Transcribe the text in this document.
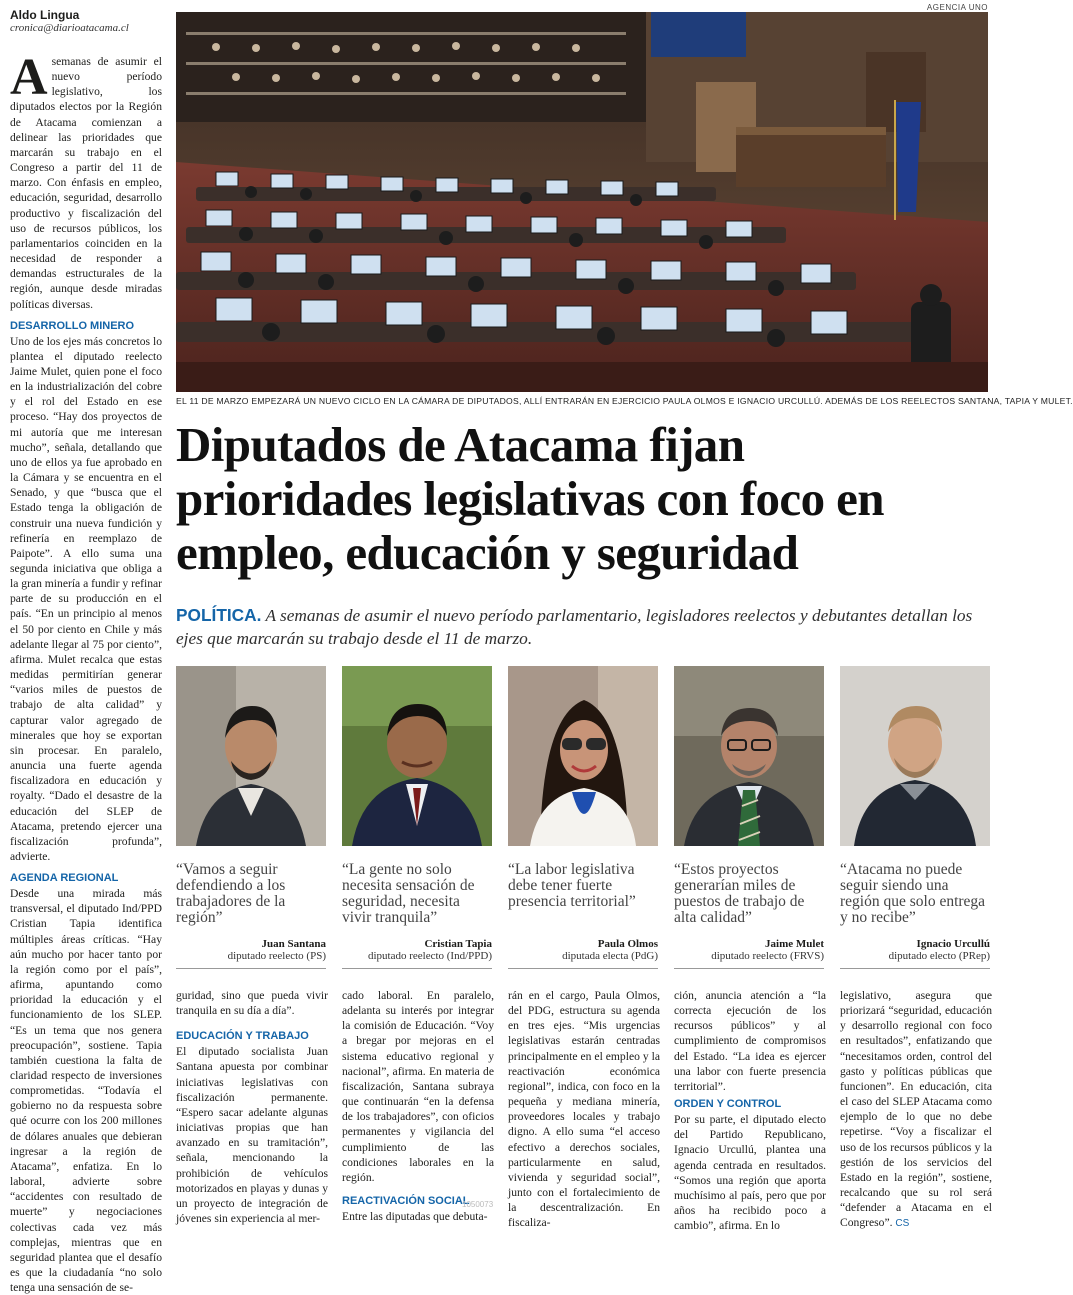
Aldo Lingua
cronica@diarioatacama.cl
Asemanas de asumir el nuevo período legislativo, los diputados electos por la Región de Atacama comienzan a delinear las prioridades que marcarán su trabajo en el Congreso a partir del 11 de marzo. Con énfasis en empleo, educación, seguridad, desarrollo productivo y fiscalización del uso de recursos públicos, los parlamentarios coinciden en la necesidad de responder a demandas estructurales de la región, aunque desde miradas políticas diversas.
DESARROLLO MINERO
Uno de los ejes más concretos lo plantea el diputado reelecto Jaime Mulet, quien pone el foco en la industrialización del cobre y el rol del Estado en ese proceso. “Hay dos proyectos de mi autoría que me interesan mucho”, señala, detallando que uno de ellos ya fue aprobado en la Cámara y se encuentra en el Senado, y que “busca que el Estado tenga la obligación de construir una nueva fundición y refinería en reemplazo de Paipote”. A ello suma una segunda iniciativa que obliga a la gran minería a fundir y refinar parte de su producción en el país. “En un principio al menos el 50 por ciento en Chile y más adelante llegar al 75 por ciento”, afirma. Mulet recalca que estas medidas permitirían generar “varios miles de puestos de trabajo de alta calidad” y capturar valor agregado de minerales que hoy se exportan sin procesar. En paralelo, anuncia una fuerte agenda fiscalizadora en educación y royalty. “Dado el desastre de la educación del SLEP de Atacama, pretendo ejercer una fiscalización profunda”, advierte.
AGENDA REGIONAL
Desde una mirada más transversal, el diputado Ind/PPD Cristian Tapia identifica múltiples áreas críticas. “Hay aún mucho por hacer tanto por la región como por el país”, afirma, apuntando como prioridad la educación y el funcionamiento de los SLEP. “Es un tema que nos genera preocupación”, sostiene. Tapia también cuestiona la falta de claridad respecto de inversiones comprometidas. “Todavía el gobierno no da respuesta sobre qué ocurre con los 200 millones de dólares anuales que debieran ingresar a la región de Atacama”, enfatiza. En lo laboral, advierte sobre “accidentes con resultado de muerte” y negociaciones colectivas cada vez más complejas, mientras que en seguridad plantea que el desafío es que la ciudadanía “no solo tenga una sensación de se-
AGENCIA UNO
EL 11 DE MARZO EMPEZARÁ UN NUEVO CICLO EN LA CÁMARA DE DIPUTADOS, ALLÍ ENTRARÁN EN EJERCICIO PAULA OLMOS E IGNACIO URCULLÚ. ADEMÁS DE LOS REELECTOS SANTANA, TAPIA Y MULET.
Diputados de Atacama fijan prioridades legislativas con foco en empleo, educación y seguridad
POLÍTICA. A semanas de asumir el nuevo período parlamentario, legisladores reelectos y debutantes detallan los ejes que marcarán su trabajo desde el 11 de marzo.
“Vamos a seguir defendiendo a los trabajadores de la región”
Juan Santana
diputado reelecto (PS)
“La gente no solo necesita sensación de seguridad, necesita vivir tranquila”
Cristian Tapia
diputado reelecto (Ind/PPD)
“La labor legislativa debe tener fuerte presencia territorial”
Paula Olmos
diputada electa (PdG)
“Estos proyectos generarían miles de puestos de trabajo de alta calidad”
Jaime Mulet
diputado reelecto (FRVS)
“Atacama no puede seguir siendo una región que solo entrega y no recibe”
Ignacio Urcullú
diputado electo (PRep)
guridad, sino que pueda vivir tranquila en su día a día”.
EDUCACIÓN Y TRABAJO
El diputado socialista Juan Santana apuesta por combinar iniciativas legislativas con fiscalización permanente. “Espero sacar adelante algunas iniciativas propias que han avanzado en su tramitación”, señala, mencionando la prohibición de vehículos motorizados en playas y dunas y un proyecto de integración de jóvenes sin experiencia al mer-
cado laboral. En paralelo, adelanta su interés por integrar la comisión de Educación. “Voy a bregar por mejoras en el sistema educativo regional y nacional”, afirma. En materia de fiscalización, Santana subraya que continuarán “en la defensa de los trabajadores”, con oficios permanentes y vigilancia del cumplimiento de las condiciones laborales en la región.
REACTIVACIÓN SOCIAL
Entre las diputadas que debuta-
rán en el cargo, Paula Olmos, del PDG, estructura su agenda en tres ejes. “Mis urgencias legislativas estarán centradas principalmente en el empleo y la reactivación económica regional”, indica, con foco en la pequeña y mediana minería, proveedores locales y trabajo digno. A ello suma “el acceso efectivo a derechos sociales, particularmente en salud, vivienda y seguridad social”, junto con el fortalecimiento de la descentralización. En fiscaliza-
ción, anuncia atención a “la correcta ejecución de los recursos públicos” y al cumplimiento de compromisos del Estado. “La idea es ejercer una labor con fuerte presencia territorial”.
ORDEN Y CONTROL
Por su parte, el diputado electo del Partido Republicano, Ignacio Urcullú, plantea una agenda centrada en resultados. “Somos una región que aporta muchísimo al país, pero que por años ha recibido poco a cambio”, afirma. En lo
legislativo, asegura que priorizará “seguridad, educación y desarrollo regional con foco en resultados”, enfatizando que “necesitamos orden, control del gasto y políticas públicas que funcionen”. En educación, cita el caso del SLEP Atacama como ejemplo de lo que no debe repetirse. “Voy a fiscalizar el uso de los recursos públicos y la gestión de los servicios del Estado en la región”, sostiene, recalcando que su rol será “defender a Atacama en el Congreso”. CS
1050073
